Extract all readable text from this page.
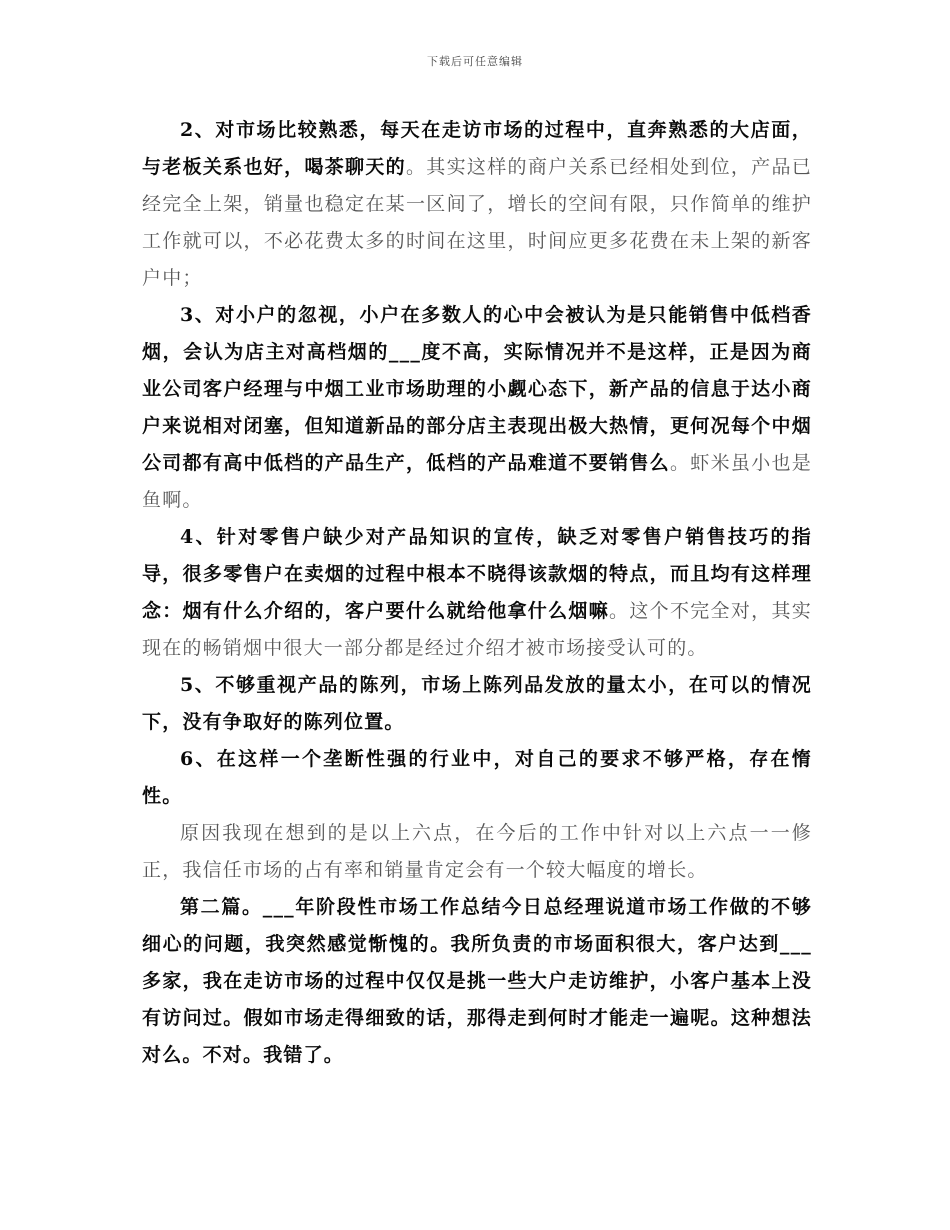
下载后可任意编辑

2、对市场比较熟悉，每天在走访市场的过程中，直奔熟悉的大店面，与老板关系也好，喝茶聊天的。其实这样的商户关系已经相处到位，产品已经完全上架，销量也稳定在某一区间了，增长的空间有限，只作简单的维护工作就可以，不必花费太多的时间在这里，时间应更多花费在未上架的新客户中；

3、对小户的忽视，小户在多数人的心中会被认为是只能销售中低档香烟，会认为店主对高档烟的___度不高，实际情况并不是这样，正是因为商业公司客户经理与中烟工业市场助理的小觑心态下，新产品的信息于达小商户来说相对闭塞，但知道新品的部分店主表现出极大热情，更何况每个中烟公司都有高中低档的产品生产，低档的产品难道不要销售么。虾米虽小也是鱼啊。

4、针对零售户缺少对产品知识的宣传，缺乏对零售户销售技巧的指导，很多零售户在卖烟的过程中根本不晓得该款烟的特点，而且均有这样理念：烟有什么介绍的，客户要什么就给他拿什么烟嘛。这个不完全对，其实现在的畅销烟中很大一部分都是经过介绍才被市场接受认可的。

5、不够重视产品的陈列，市场上陈列品发放的量太小，在可以的情况下，没有争取好的陈列位置。

6、在这样一个垄断性强的行业中，对自己的要求不够严格，存在惰性。

原因我现在想到的是以上六点，在今后的工作中针对以上六点一一修正，我信任市场的占有率和销量肯定会有一个较大幅度的增长。

第二篇。___年阶段性市场工作总结今日总经理说道市场工作做的不够细心的问题，我突然感觉惭愧的。我所负责的市场面积很大，客户达到___多家，我在走访市场的过程中仅仅是挑一些大户走访维护，小客户基本上没有访问过。假如市场走得细致的话，那得走到何时才能走一遍呢。这种想法对么。不对。我错了。
